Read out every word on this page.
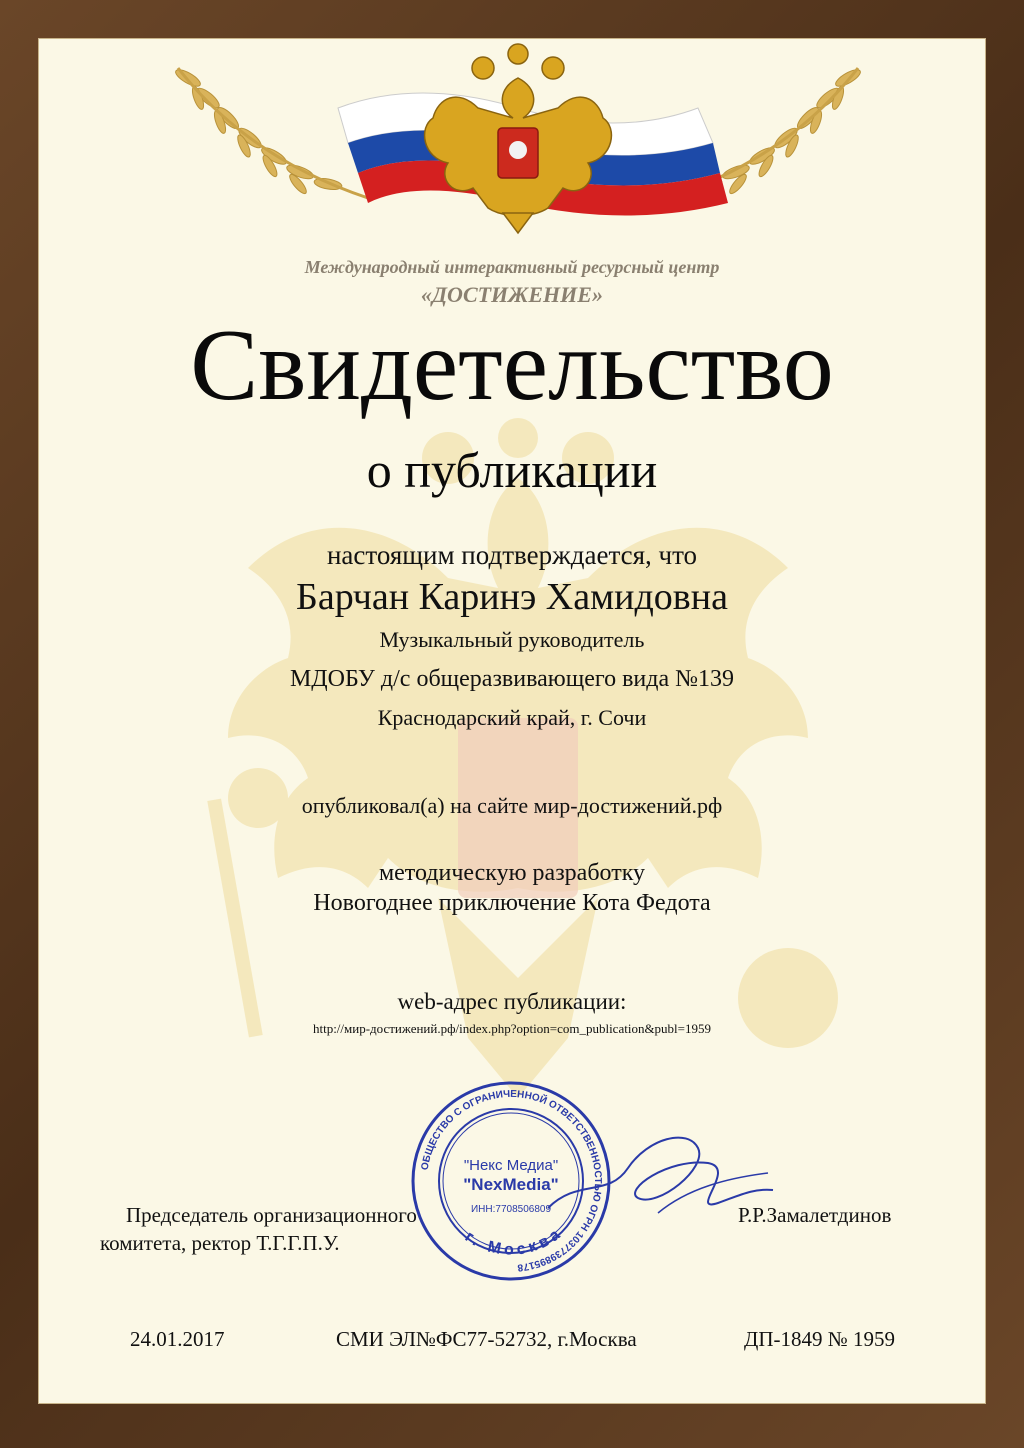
Международный интерактивный ресурсный центр
«ДОСТИЖЕНИЕ»
Свидетельство
о публикации
настоящим подтверждается, что
Барчан Каринэ Хамидовна
Музыкальный руководитель
МДОБУ д/с общеразвивающего вида №139
Краснодарский край, г. Сочи
опубликовал(а) на сайте мир-достижений.рф
методическую разработку
Новогоднее приключение Кота Федота
web-адрес публикации:
http://мир-достижений.рф/index.php?option=com_publication&publ=1959
Председатель организационного
комитета, ректор Т.Г.Г.П.У.
Р.Р.Замалетдинов
ОБЩЕСТВО С ОГРАНИЧЕННОЙ ОТВЕТСТВЕННОСТЬЮ ОГРН 1037739895178
г. Москва
"Некс Медиа"
"NexMedia"
ИНН:7708506809
24.01.2017	СМИ ЭЛ№ФС77-52732, г.Москва	ДП-1849 № 1959
